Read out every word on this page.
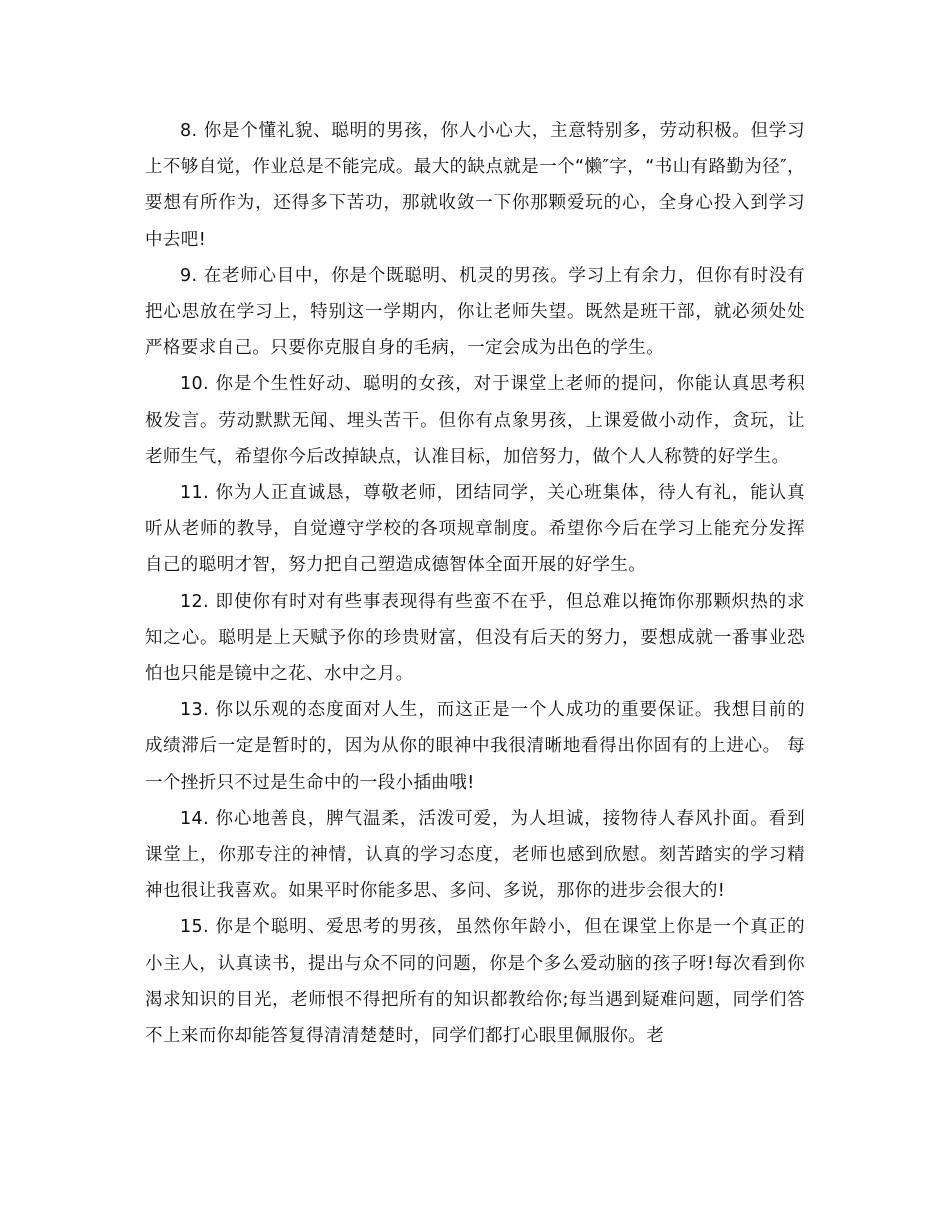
8. 你是个懂礼貌、聪明的男孩，你人小心大，主意特别多，劳动积极。但学习上不够自觉，作业总是不能完成。最大的缺点就是一个“懒″字，“书山有路勤为径″，要想有所作为，还得多下苦功，那就收敛一下你那颗爱玩的心，全身心投入到学习中去吧!

9. 在老师心目中，你是个既聪明、机灵的男孩。学习上有余力，但你有时没有把心思放在学习上，特别这一学期内，你让老师失望。既然是班干部，就必须处处严格要求自己。只要你克服自身的毛病，一定会成为出色的学生。

10. 你是个生性好动、聪明的女孩，对于课堂上老师的提问，你能认真思考积极发言。劳动默默无闻、埋头苦干。但你有点象男孩，上课爱做小动作，贪玩，让老师生气，希望你今后改掉缺点，认准目标，加倍努力，做个人人称赞的好学生。

11. 你为人正直诚恳，尊敬老师，团结同学，关心班集体，待人有礼，能认真听从老师的教导，自觉遵守学校的各项规章制度。希望你今后在学习上能充分发挥自己的聪明才智，努力把自己塑造成德智体全面开展的好学生。

12. 即使你有时对有些事表现得有些蛮不在乎，但总难以掩饰你那颗炽热的求知之心。聪明是上天赋予你的珍贵财富，但没有后天的努力，要想成就一番事业恐怕也只能是镜中之花、水中之月。

13. 你以乐观的态度面对人生，而这正是一个人成功的重要保证。我想目前的成绩滞后一定是暂时的，因为从你的眼神中我很清晰地看得出你固有的上进心。 每一个挫折只不过是生命中的一段小插曲哦!

14. 你心地善良，脾气温柔，活泼可爱，为人坦诚，接物待人春风扑面。看到课堂上，你那专注的神情，认真的学习态度，老师也感到欣慰。刻苦踏实的学习精神也很让我喜欢。如果平时你能多思、多问、多说，那你的进步会很大的!

15. 你是个聪明、爱思考的男孩，虽然你年龄小，但在课堂上你是一个真正的小主人，认真读书，提出与众不同的问题，你是个多么爱动脑的孩子呀!每次看到你渴求知识的目光，老师恨不得把所有的知识都教给你;每当遇到疑难问题，同学们答不上来而你却能答复得清清楚楚时，同学们都打心眼里佩服你。老
